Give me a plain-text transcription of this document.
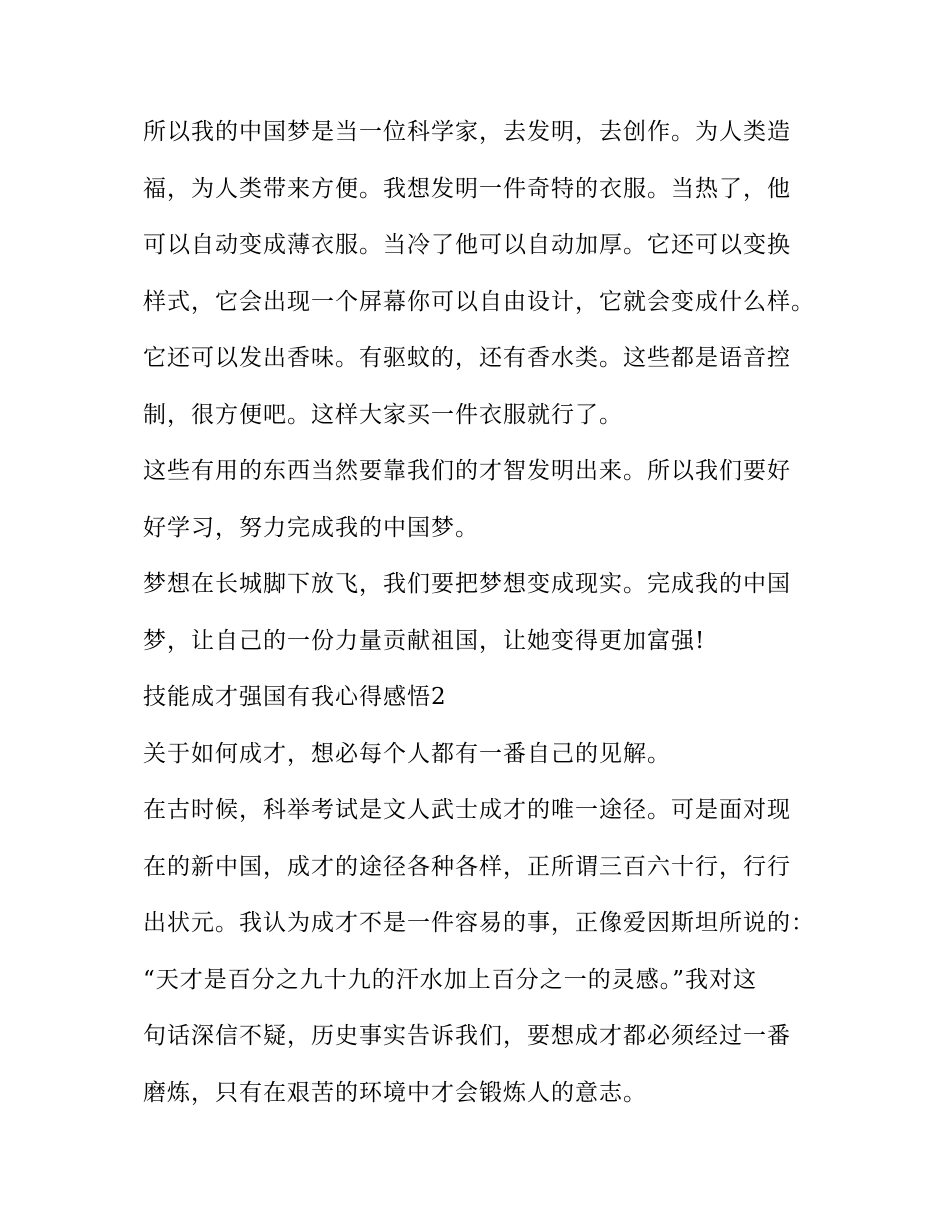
所以我的中国梦是当一位科学家，去发明，去创作。为人类造
福，为人类带来方便。我想发明一件奇特的衣服。当热了，他
可以自动变成薄衣服。当冷了他可以自动加厚。它还可以变换
样式，它会出现一个屏幕你可以自由设计，它就会变成什么样。
它还可以发出香味。有驱蚊的，还有香水类。这些都是语音控
制，很方便吧。这样大家买一件衣服就行了。
这些有用的东西当然要靠我们的才智发明出来。所以我们要好
好学习，努力完成我的中国梦。
梦想在长城脚下放飞，我们要把梦想变成现实。完成我的中国
梦，让自己的一份力量贡献祖国，让她变得更加富强!
技能成才强国有我心得感悟2
关于如何成才，想必每个人都有一番自己的见解。
在古时候，科举考试是文人武士成才的唯一途径。可是面对现
在的新中国，成才的途径各种各样，正所谓三百六十行，行行
出状元。我认为成才不是一件容易的事，正像爱因斯坦所说的：
“天才是百分之九十九的汗水加上百分之一的灵感。”我对这
句话深信不疑，历史事实告诉我们，要想成才都必须经过一番
磨炼，只有在艰苦的环境中才会锻炼人的意志。
